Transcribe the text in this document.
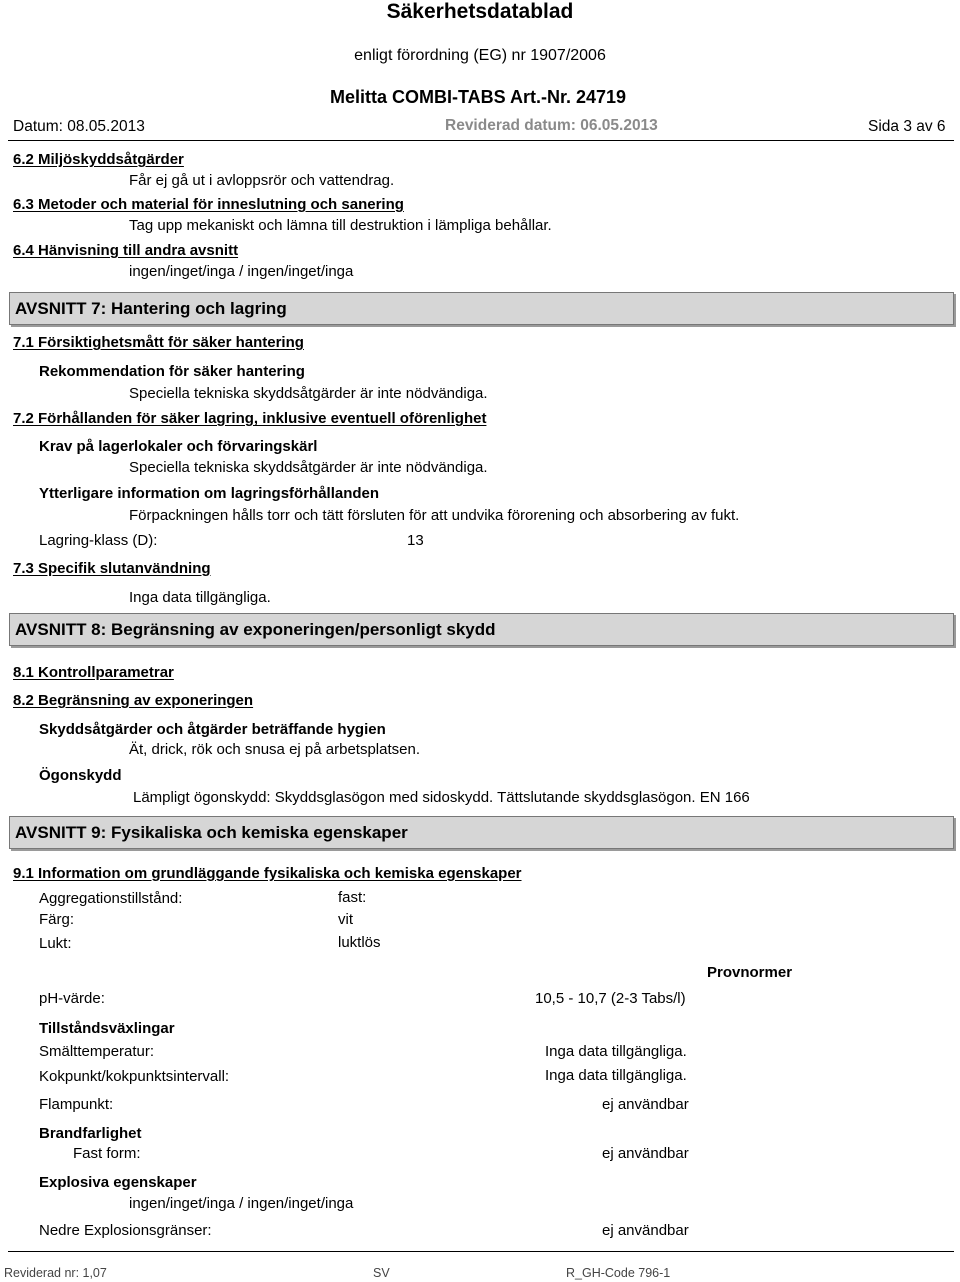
Säkerhetsdatablad
enligt förordning (EG) nr 1907/2006
Melitta COMBI-TABS Art.-Nr. 24719
Datum: 08.05.2013	Reviderad datum: 06.05.2013	Sida 3 av 6
6.2 Miljöskyddsåtgärder
Får ej gå ut i avloppsrör och vattendrag.
6.3 Metoder och material för inneslutning och sanering
Tag upp mekaniskt och lämna till destruktion i lämpliga behållar.
6.4 Hänvisning till andra avsnitt
ingen/inget/inga / ingen/inget/inga
AVSNITT 7: Hantering och lagring
7.1 Försiktighetsmått för säker hantering
Rekommendation för säker hantering
Speciella tekniska skyddsåtgärder är inte nödvändiga.
7.2 Förhållanden för säker lagring, inklusive eventuell oförenlighet
Krav på lagerlokaler och förvaringskärl
Speciella tekniska skyddsåtgärder är inte nödvändiga.
Ytterligare information om lagringsförhållanden
Förpackningen hålls torr och tätt försluten för att undvika förorening och absorbering av fukt.
Lagring-klass (D):	13
7.3 Specifik slutanvändning
Inga data tillgängliga.
AVSNITT 8: Begränsning av exponeringen/personligt skydd
8.1 Kontrollparametrar
8.2 Begränsning av exponeringen
Skyddsåtgärder och åtgärder beträffande hygien
Ät, drick, rök och snusa ej på arbetsplatsen.
Ögonskydd
Lämpligt ögonskydd: Skyddsglasögon med sidoskydd. Tättslutande skyddsglasögon. EN 166
AVSNITT 9: Fysikaliska och kemiska egenskaper
9.1 Information om grundläggande fysikaliska och kemiska egenskaper
Aggregationstillstånd:	fast:
Färg:	vit
Lukt:	luktlös
Provnormer
pH-värde:	10,5 - 10,7 (2-3 Tabs/l)
Tillståndsväxlingar
Smälttemperatur:	Inga data tillgängliga.
Kokpunkt/kokpunktsintervall:	Inga data tillgängliga.
Flampunkt:	ej användbar
Brandfarlighet
Fast form:	ej användbar
Explosiva egenskaper
ingen/inget/inga / ingen/inget/inga
Nedre Explosionsgränser:	ej användbar
Reviderad nr: 1,07	SV	R_GH-Code 796-1
